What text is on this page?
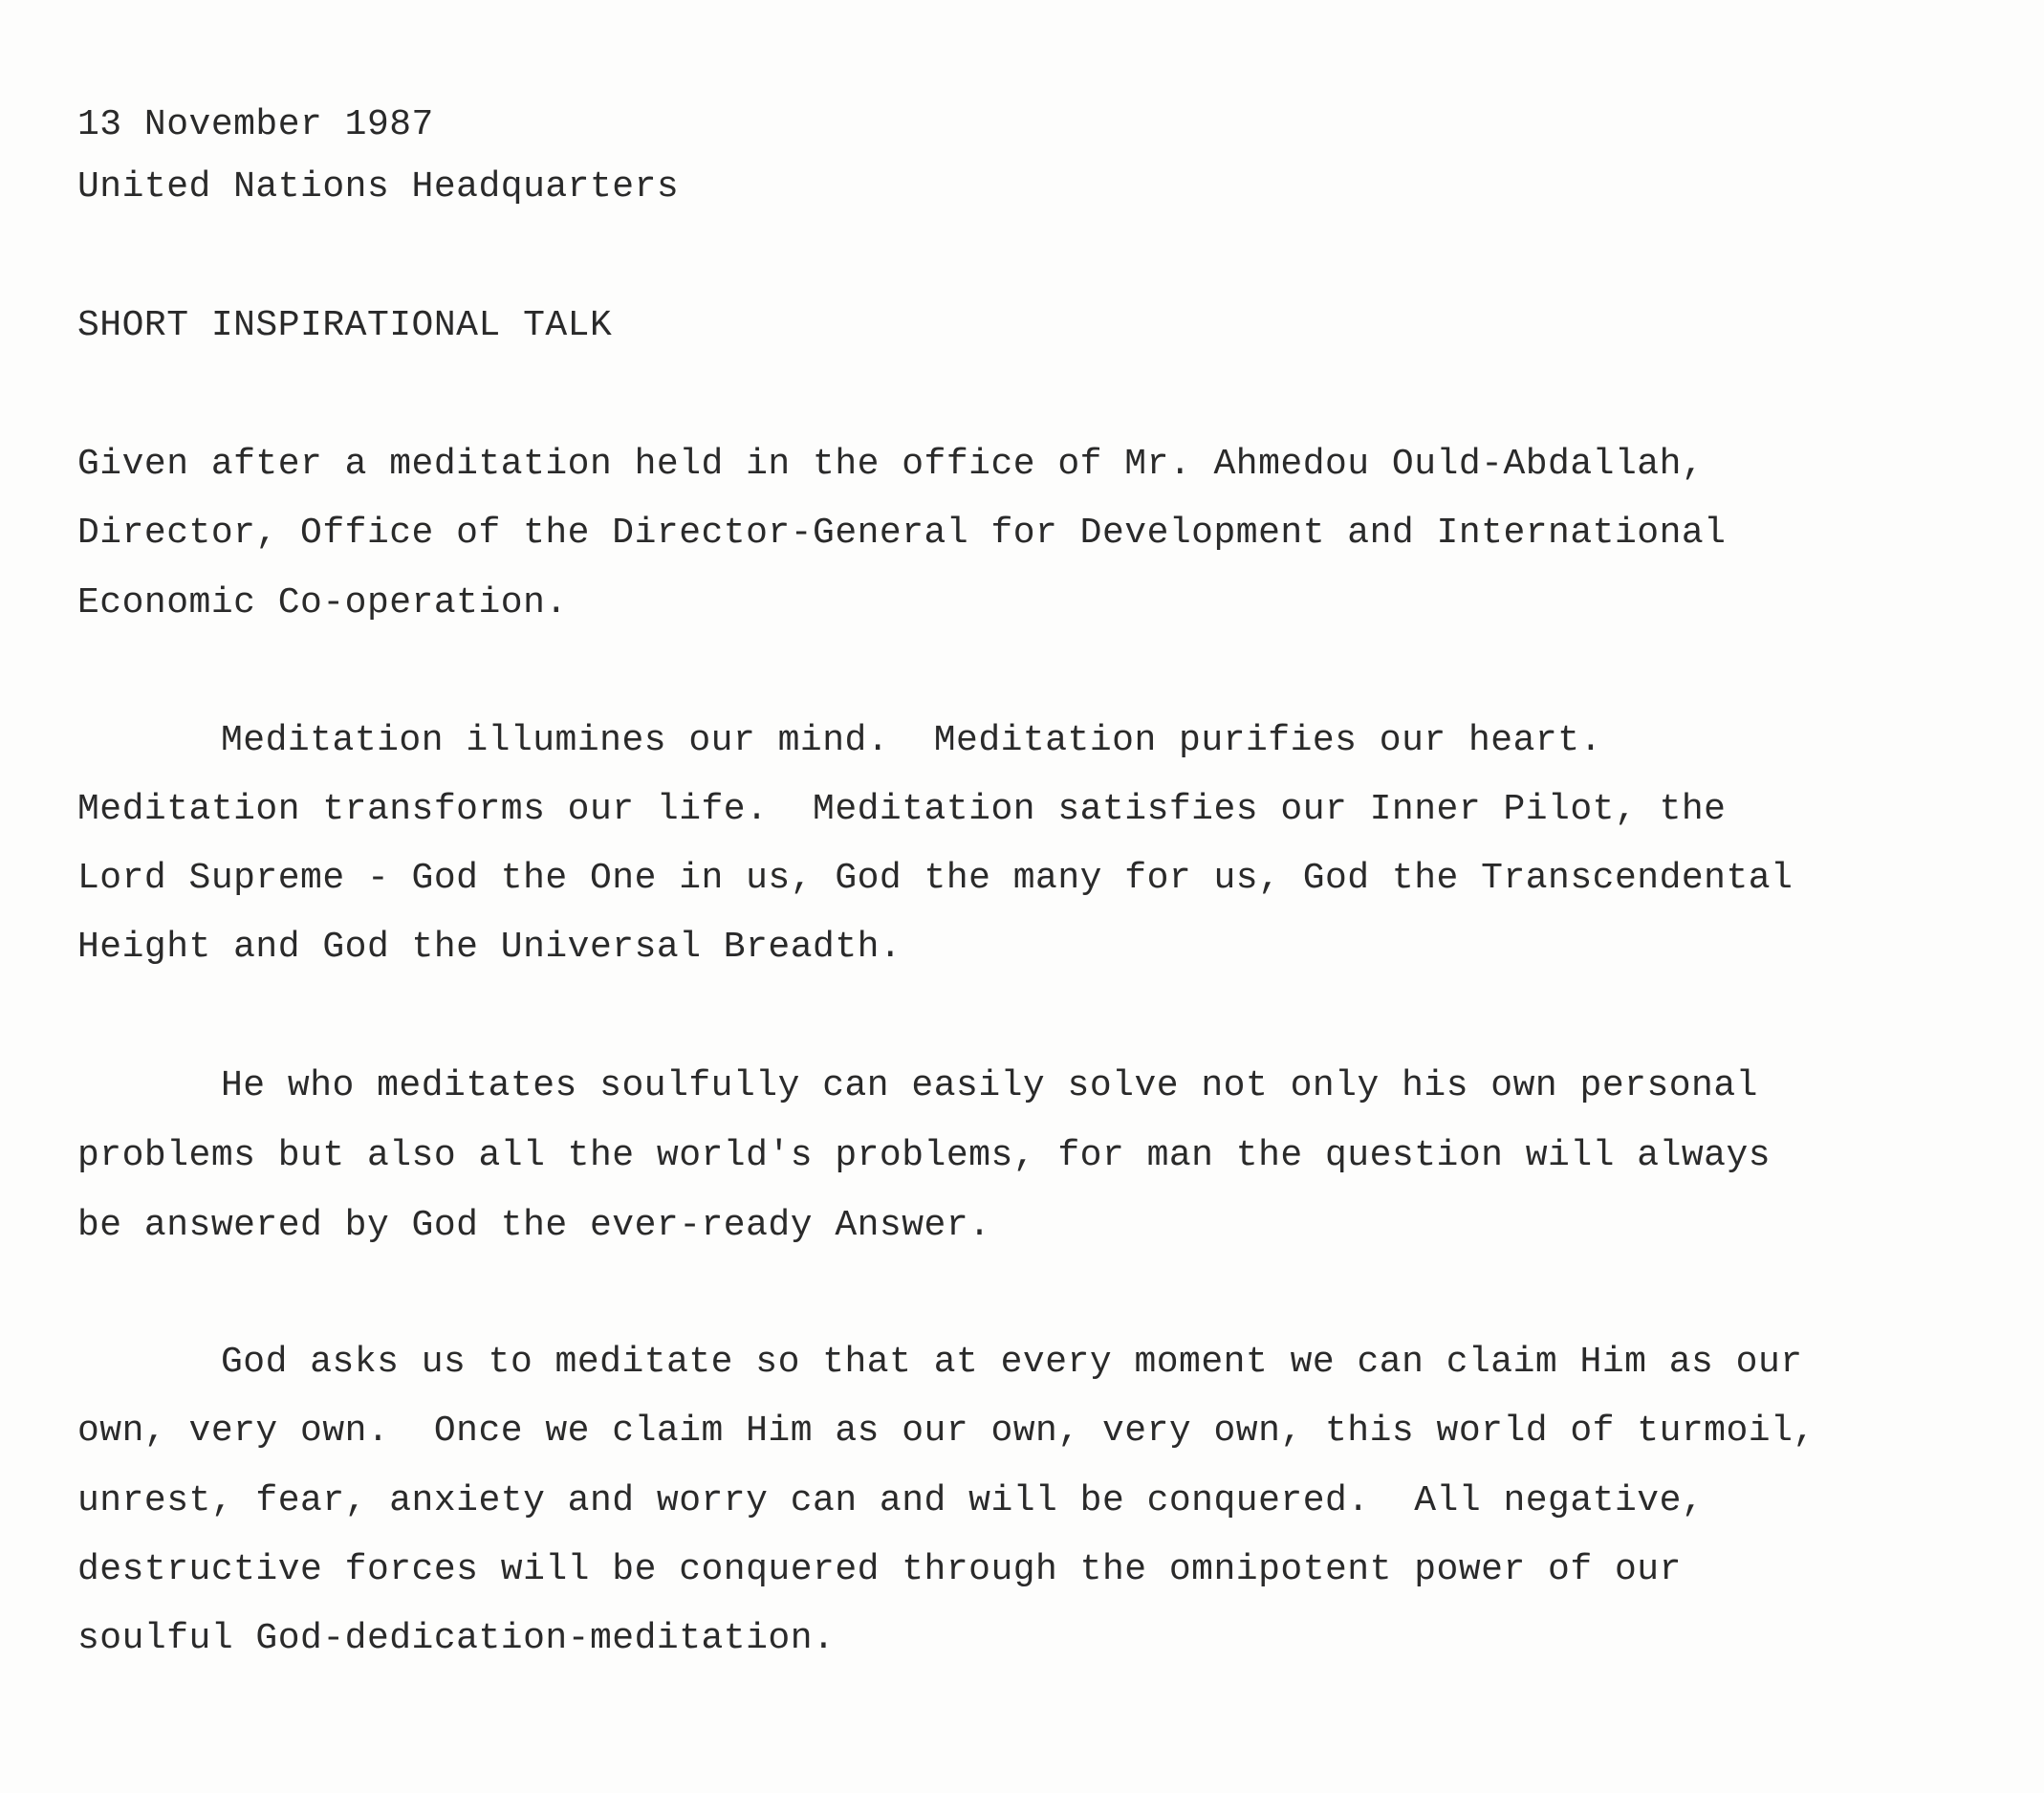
13 November 1987
United Nations Headquarters
SHORT INSPIRATIONAL TALK
Given after a meditation held in the office of Mr. Ahmedou Ould-Abdallah,
Director, Office of the Director-General for Development and International
Economic Co-operation.
Meditation illumines our mind.  Meditation purifies our heart.
Meditation transforms our life.  Meditation satisfies our Inner Pilot, the
Lord Supreme - God the One in us, God the many for us, God the Transcendental
Height and God the Universal Breadth.
He who meditates soulfully can easily solve not only his own personal
problems but also all the world's problems, for man the question will always
be answered by God the ever-ready Answer.
God asks us to meditate so that at every moment we can claim Him as our
own, very own.  Once we claim Him as our own, very own, this world of turmoil,
unrest, fear, anxiety and worry can and will be conquered.  All negative,
destructive forces will be conquered through the omnipotent power of our
soulful God-dedication-meditation.
